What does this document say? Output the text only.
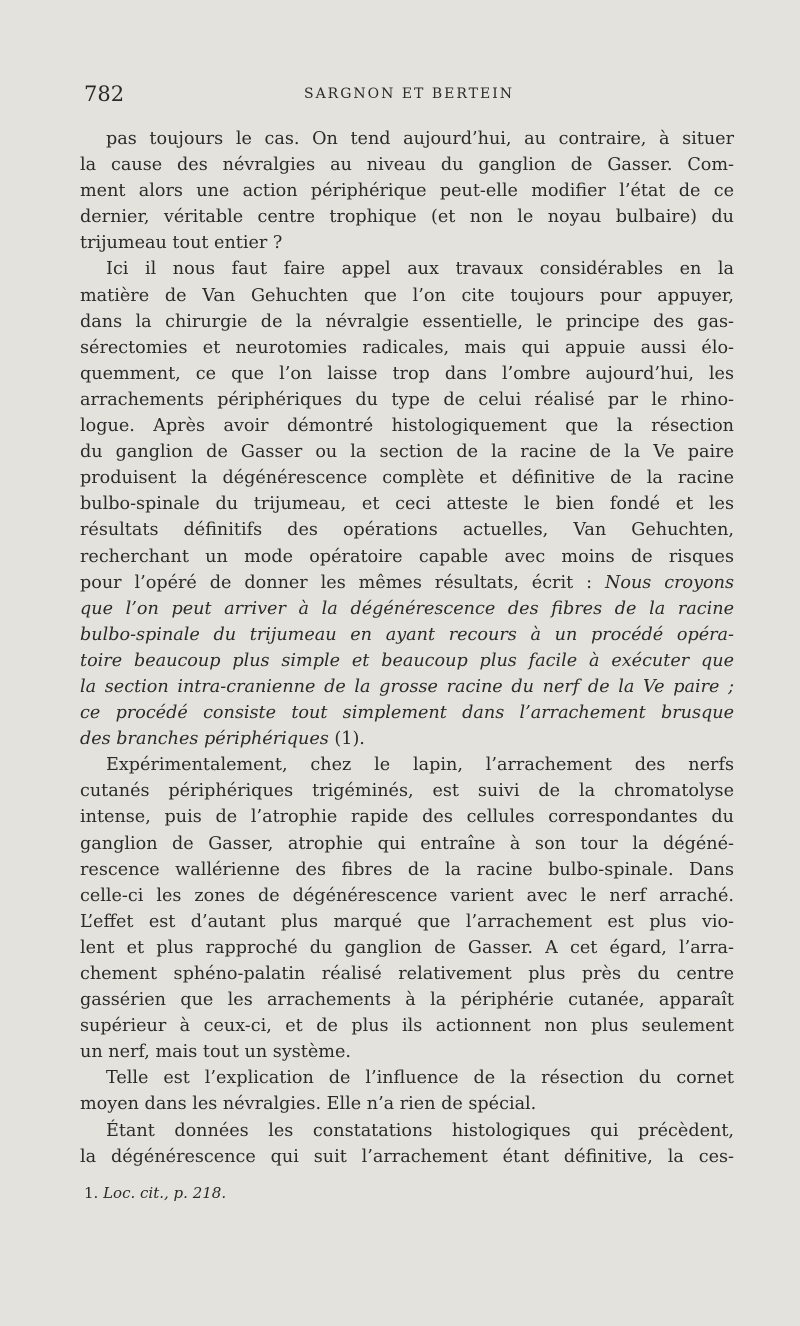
782	SARGNON ET BERTEIN
pas toujours le cas. On tend aujourd’hui, au contraire, à situer
la cause des névralgies au niveau du ganglion de Gasser. Com-
ment alors une action périphérique peut-elle modifier l’état de ce
dernier, véritable centre trophique (et non le noyau bulbaire) du
trijumeau tout entier ?
Ici il nous faut faire appel aux travaux considérables en la
matière de Van Gehuchten que l’on cite toujours pour appuyer,
dans la chirurgie de la névralgie essentielle, le principe des gas-
sérectomies et neurotomies radicales, mais qui appuie aussi élo-
quemment, ce que l’on laisse trop dans l’ombre aujourd’hui, les
arrachements périphériques du type de celui réalisé par le rhino-
logue. Après avoir démontré histologiquement que la résection
du ganglion de Gasser ou la section de la racine de la Ve paire
produisent la dégénérescence complète et définitive de la racine
bulbo-spinale du trijumeau, et ceci atteste le bien fondé et les
résultats définitifs des opérations actuelles, Van Gehuchten,
recherchant un mode opératoire capable avec moins de risques
pour l’opéré de donner les mêmes résultats, écrit : Nous croyons
que l’on peut arriver à la dégénérescence des fibres de la racine
bulbo-spinale du trijumeau en ayant recours à un procédé opéra-
toire beaucoup plus simple et beaucoup plus facile à exécuter que
la section intra-cranienne de la grosse racine du nerf de la Ve paire ;
ce procédé consiste tout simplement dans l’arrachement brusque
des branches périphériques (1).
Expérimentalement, chez le lapin, l’arrachement des nerfs
cutanés périphériques trigéminés, est suivi de la chromatolyse
intense, puis de l’atrophie rapide des cellules correspondantes du
ganglion de Gasser, atrophie qui entraîne à son tour la dégéné-
rescence wallérienne des fibres de la racine bulbo-spinale. Dans
celle-ci les zones de dégénérescence varient avec le nerf arraché.
L’effet est d’autant plus marqué que l’arrachement est plus vio-
lent et plus rapproché du ganglion de Gasser. A cet égard, l’arra-
chement sphéno-palatin réalisé relativement plus près du centre
gassérien que les arrachements à la périphérie cutanée, apparaît
supérieur à ceux-ci, et de plus ils actionnent non plus seulement
un nerf, mais tout un système.
Telle est l’explication de l’influence de la résection du cornet
moyen dans les névralgies. Elle n’a rien de spécial.
Étant données les constatations histologiques qui précèdent,
la dégénérescence qui suit l’arrachement étant définitive, la ces-
1. Loc. cit., p. 218.
